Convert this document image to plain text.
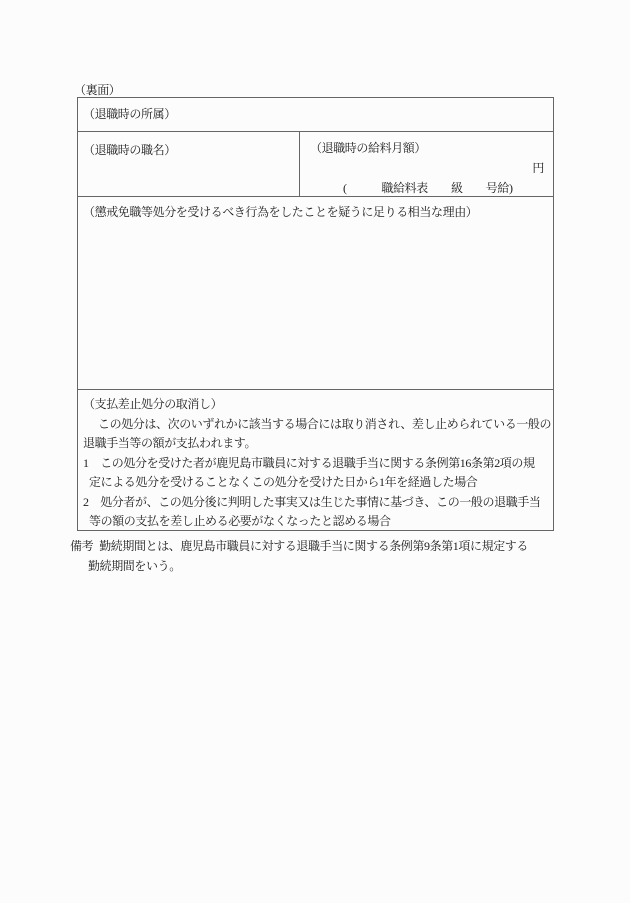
（裏面）
（退職時の所属）
（退職時の職名）	（退職時の給料月額）
円
(　　　職給料表　　級　　号給)
（懲戒免職等処分を受けるべき行為をしたことを疑うに足りる相当な理由）
（支払差止処分の取消し）
この処分は、次のいずれかに該当する場合には取り消され、差し止められている一般の
退職手当等の額が支払われます。
1　この処分を受けた者が鹿児島市職員に対する退職手当に関する条例第16条第2項の規
定による処分を受けることなくこの処分を受けた日から1年を経過した場合
2　処分者が、この処分後に判明した事実又は生じた事情に基づき、この一般の退職手当
等の額の支払を差し止める必要がなくなったと認める場合
備考 勤続期間とは、鹿児島市職員に対する退職手当に関する条例第9条第1項に規定する
勤続期間をいう。
